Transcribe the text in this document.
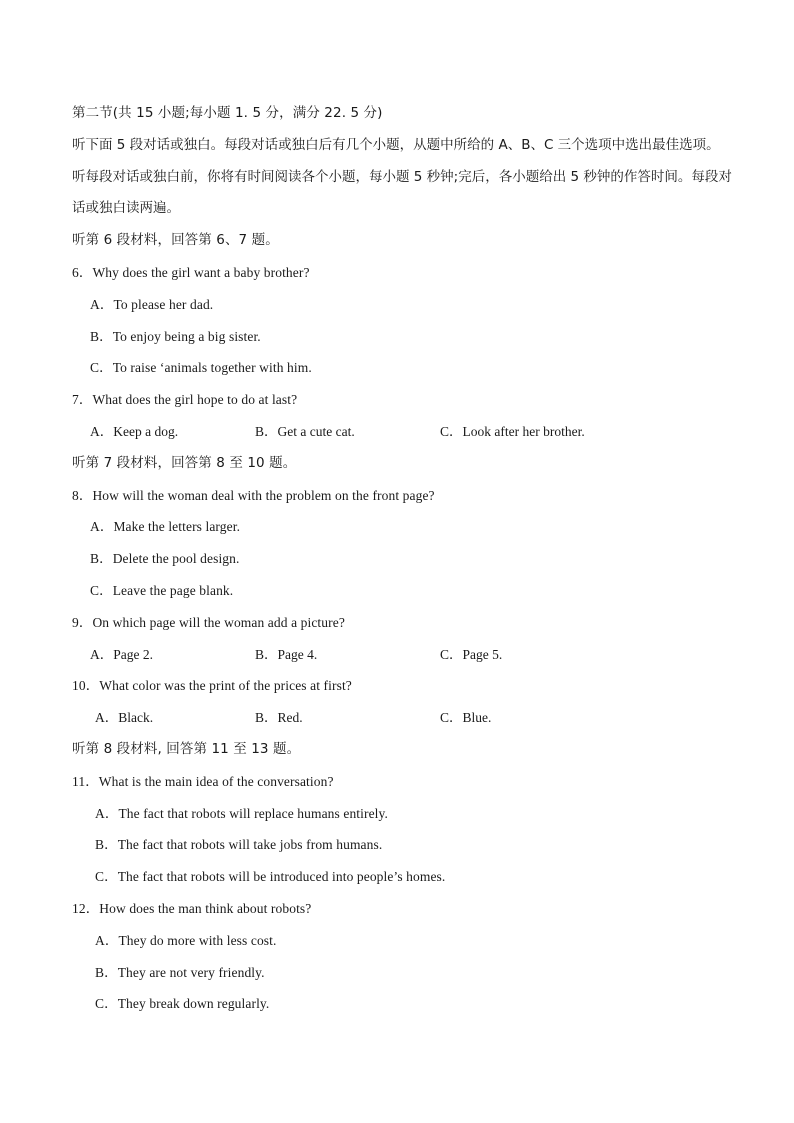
第二节(共 15 小题;每小题 1. 5 分，满分 22. 5 分)
听下面 5 段对话或独白。每段对话或独白后有几个小题，从题中所给的 A、B、C 三个选项中选出最佳选项。听每段对话或独白前，你将有时间阅读各个小题，每小题 5 秒钟;完后，各小题给出 5 秒钟的作答时间。每段对话或独白读两遍。
听第 6 段材料，回答第 6、7 题。
6．Why does the girl want a baby brother?
A．To please her dad.
B．To enjoy being a big sister.
C．To raise ‘animals together with him.
7．What does the girl hope to do at last?
A．Keep a dog.	B．Get a cute cat.	C．Look after her brother.
听第 7 段材料，回答第 8 至 10 题。
8．How will the woman deal with the problem on the front page?
A．Make the letters larger.
B．Delete the pool design.
C．Leave the page blank.
9．On which page will the woman add a picture?
A．Page 2.	B．Page 4.	C．Page 5.
10．What color was the print of the prices at first?
A．Black.	B．Red.	C．Blue.
听第 8 段材料, 回答第 11 至 13 题。
11．What is the main idea of the conversation?
A．The fact that robots will replace humans entirely.
B．The fact that robots will take jobs from humans.
C．The fact that robots will be introduced into people’s homes.
12．How does the man think about robots?
A．They do more with less cost.
B．They are not very friendly.
C．They break down regularly.
